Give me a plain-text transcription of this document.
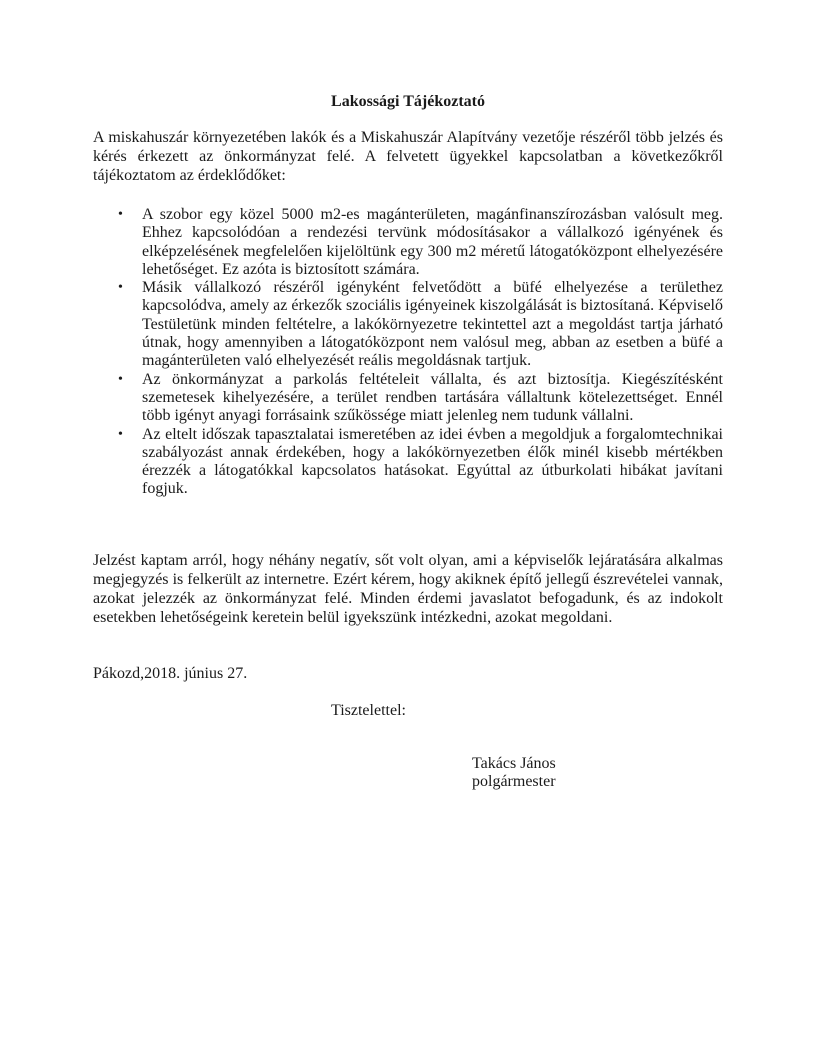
Lakossági Tájékoztató

A miskahuszár környezetében lakók és a Miskahuszár Alapítvány vezetője részéről több jelzés és kérés érkezett az önkormányzat felé. A felvetett ügyekkel kapcsolatban a következőkről tájékoztatom az érdeklődőket:

•	A szobor egy közel 5000 m2-es magánterületen, magánfinanszírozásban valósult meg. Ehhez kapcsolódóan a rendezési tervünk módosításakor a vállalkozó igényének és elképzelésének megfelelően kijelöltünk egy 300 m2 méretű látogatóközpont elhelyezésére lehetőséget. Ez azóta is biztosított számára.
•	Másik vállalkozó részéről igényként felvetődött a büfé elhelyezése a területhez kapcsolódva, amely az érkezők szociális igényeinek kiszolgálását is biztosítaná. Képviselő Testületünk minden feltételre, a lakókörnyezetre tekintettel azt a megoldást tartja járható útnak, hogy amennyiben a látogatóközpont nem valósul meg, abban az esetben a büfé a magánterületen való elhelyezését reális megoldásnak tartjuk.
•	Az önkormányzat a parkolás feltételeit vállalta, és azt biztosítja. Kiegészítésként szemetesek kihelyezésére, a terület rendben tartására vállaltunk kötelezettséget. Ennél több igényt anyagi forrásaink szűkössége miatt jelenleg nem tudunk vállalni.
•	Az eltelt időszak tapasztalatai ismeretében az idei évben a megoldjuk a forgalomtechnikai szabályozást annak érdekében, hogy a lakókörnyezetben élők minél kisebb mértékben érezzék a látogatókkal kapcsolatos hatásokat. Egyúttal az útburkolati hibákat javítani fogjuk.

Jelzést kaptam arról, hogy néhány negatív, sőt volt olyan, ami a képviselők lejáratására alkalmas megjegyzés is felkerült az internetre. Ezért kérem, hogy akiknek építő jellegű észrevételei vannak, azokat jelezzék az önkormányzat felé. Minden érdemi javaslatot befogadunk, és az indokolt esetekben lehetőségeink keretein belül igyekszünk intézkedni, azokat megoldani.

Pákozd,2018. június 27.

Tisztelettel:

Takács János
polgármester
